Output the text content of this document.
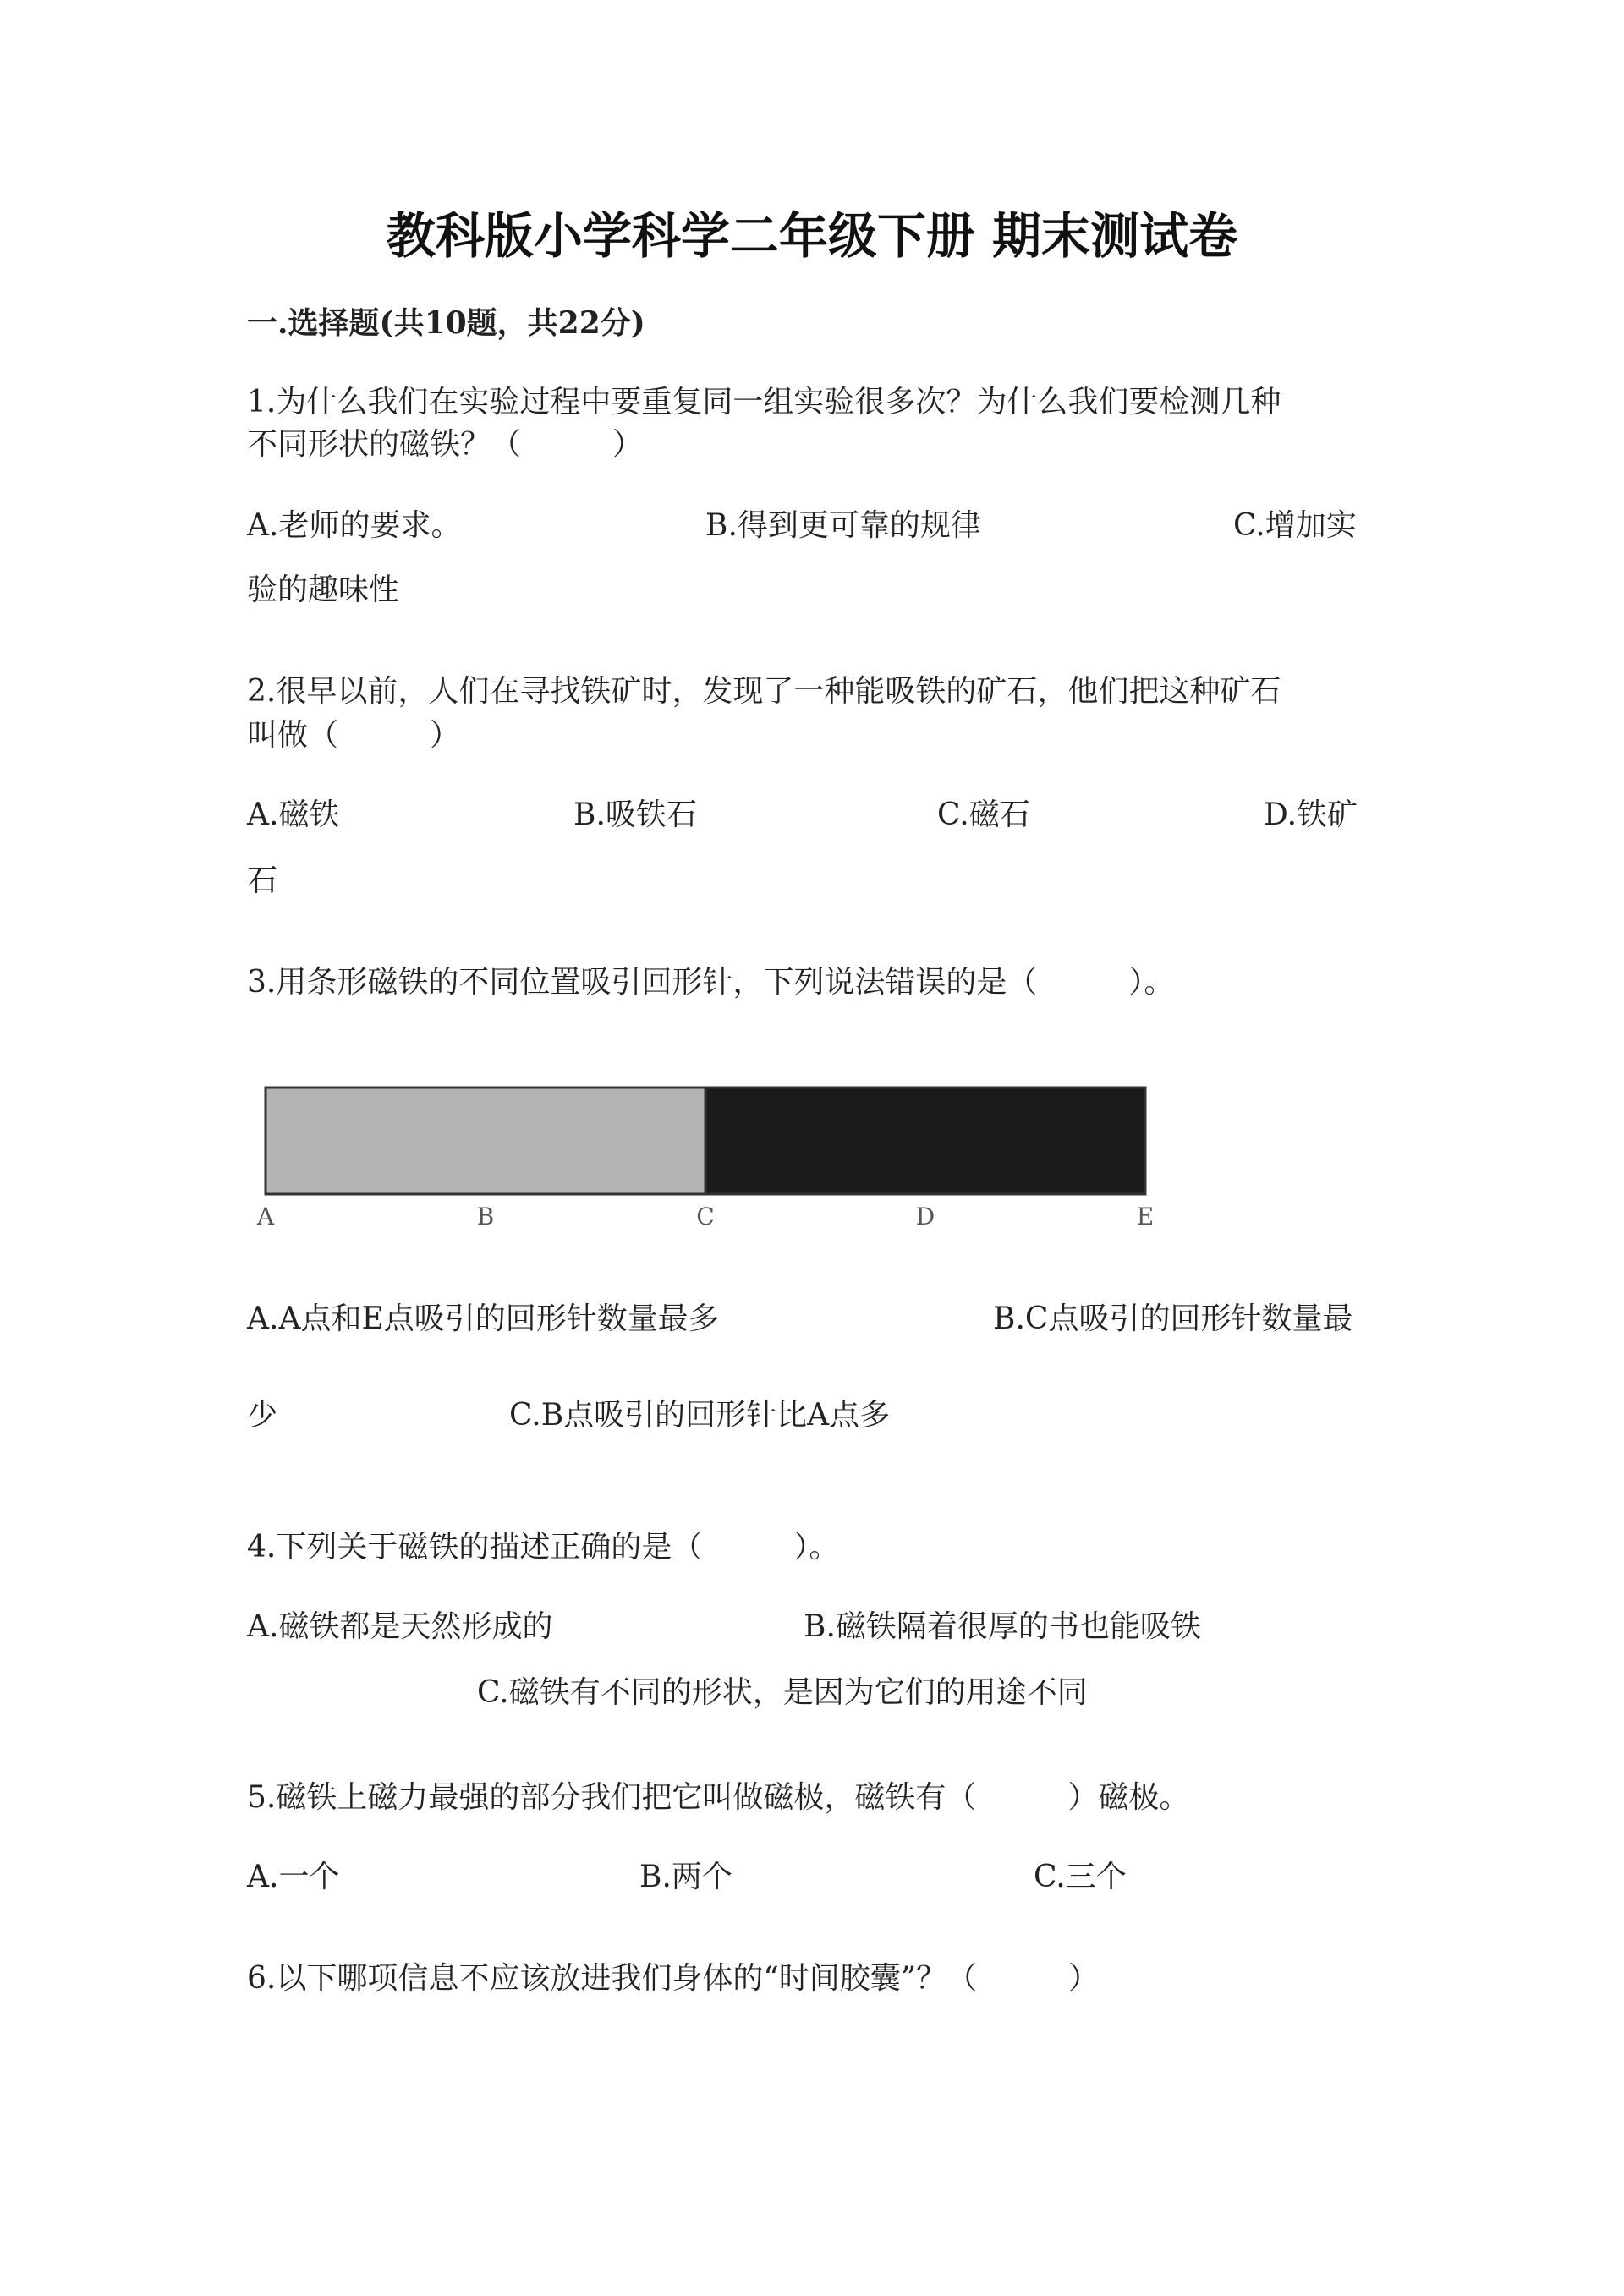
教科版小学科学二年级下册 期末测试卷
一.选择题(共10题，共22分)
1.为什么我们在实验过程中要重复同一组实验很多次？为什么我们要检测几种
不同形状的磁铁？（　　　）
A.老师的要求。	B.得到更可靠的规律	C.增加实
验的趣味性
2.很早以前，人们在寻找铁矿时，发现了一种能吸铁的矿石，他们把这种矿石
叫做（　　　）
A.磁铁	B.吸铁石	C.磁石	D.铁矿
石
3.用条形磁铁的不同位置吸引回形针，下列说法错误的是（　　　）。
A	B	C	D	E
A.A点和E点吸引的回形针数量最多	B.C点吸引的回形针数量最
少	C.B点吸引的回形针比A点多
4.下列关于磁铁的描述正确的是（　　　）。
A.磁铁都是天然形成的	B.磁铁隔着很厚的书也能吸铁
C.磁铁有不同的形状，是因为它们的用途不同
5.磁铁上磁力最强的部分我们把它叫做磁极，磁铁有（　　　）磁极。
A.一个	B.两个	C.三个
6.以下哪项信息不应该放进我们身体的“时间胶囊”？（　　　）
